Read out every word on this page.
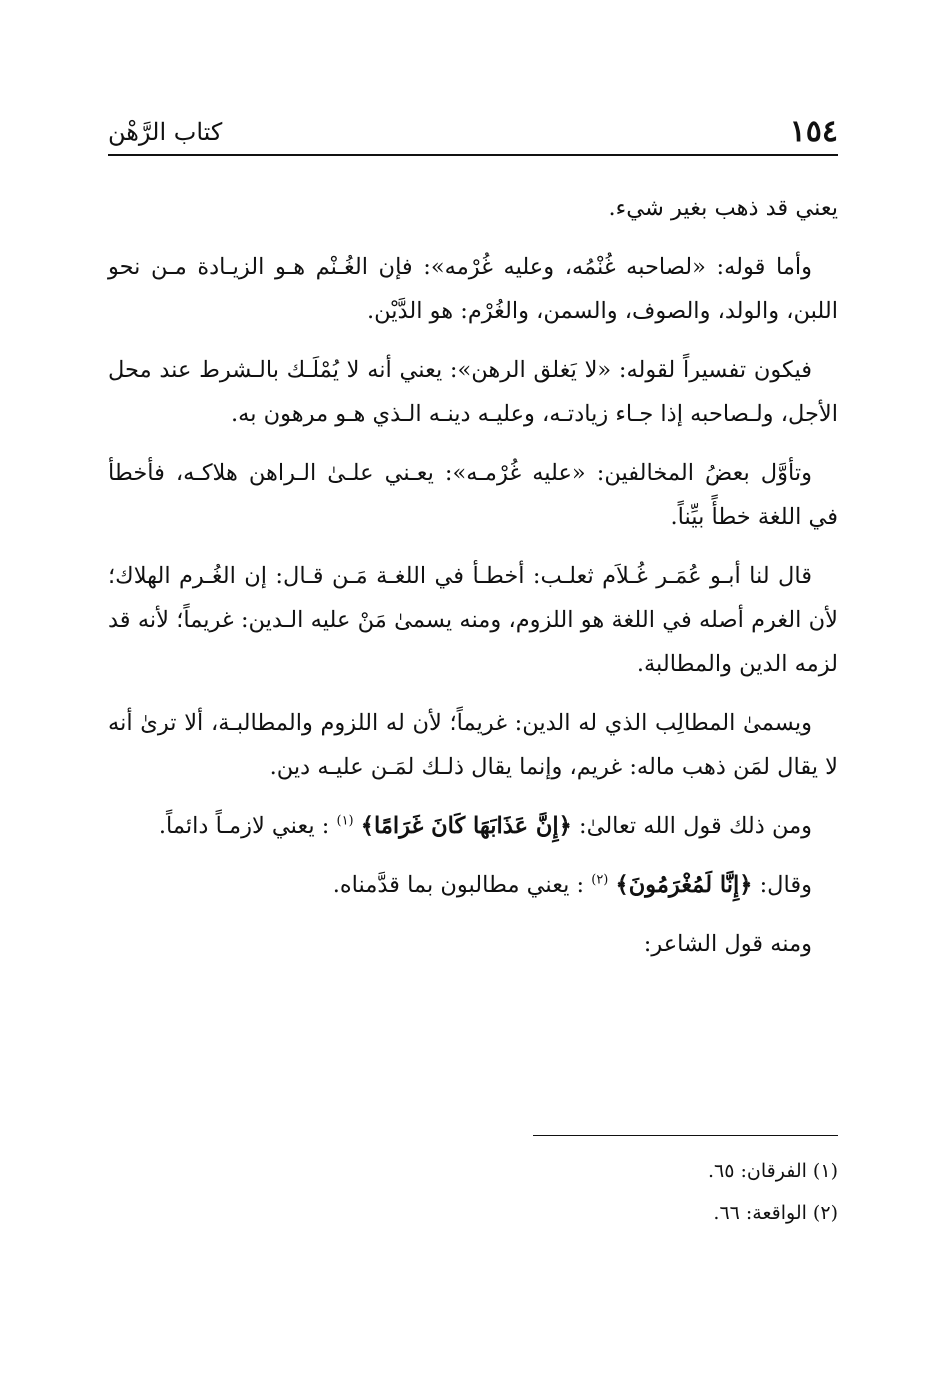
١٥٤
كتاب الرَّهْن

يعني قد ذهب بغير شيء.

وأما قوله: «لصاحبه غُنْمُه، وعليه غُرْمه»: فإن الغُـنْم هـو الزيـادة مـن نحو اللبن، والولد، والصوف، والسمن، والغُرْم: هو الدَّيْن.

فيكون تفسيراً لقوله: «لا يَغلق الرهن»: يعني أنه لا يُمْلَـك بالـشرط عند محل الأجل، ولـصاحبه إذا جـاء زيادتـه، وعليـه دينـه الـذي هـو مرهون به.

وتأوَّل بعضُ المخالفين: «عليه غُرْمـه»: يعـني علـىٰ الـراهن هلاكـه، فأخطأ في اللغة خطأً بيِّناً.

قال لنا أبـو عُمَـر غُـلاَم ثعلـب: أخطـأ في اللغـة مَـن قـال: إن الغُـرم الهلاك؛ لأن الغرم أصله في اللغة هو اللزوم، ومنه يسمىٰ مَنْ عليه الـدين: غريماً؛ لأنه قد لزمه الدين والمطالبة.

ويسمىٰ المطالِب الذي له الدين: غريماً؛ لأن له اللزوم والمطالبـة، ألا ترىٰ أنه لا يقال لمَن ذهب ماله: غريم، وإنما يقال ذلـك لمَـن عليـه دين.

ومن ذلك قول الله تعالىٰ: ﴿إِنَّ عَذَابَهَا كَانَ غَرَامًا﴾ $^{(١)}$ : يعني لازمـاً دائماً.

وقال: ﴿إِنَّا لَمُغْرَمُونَ﴾ $^{(٢)}$ : يعني مطالبون بما قدَّمناه.

ومنه قول الشاعر:

(١) الفرقان: ٦٥.

(٢) الواقعة: ٦٦.
